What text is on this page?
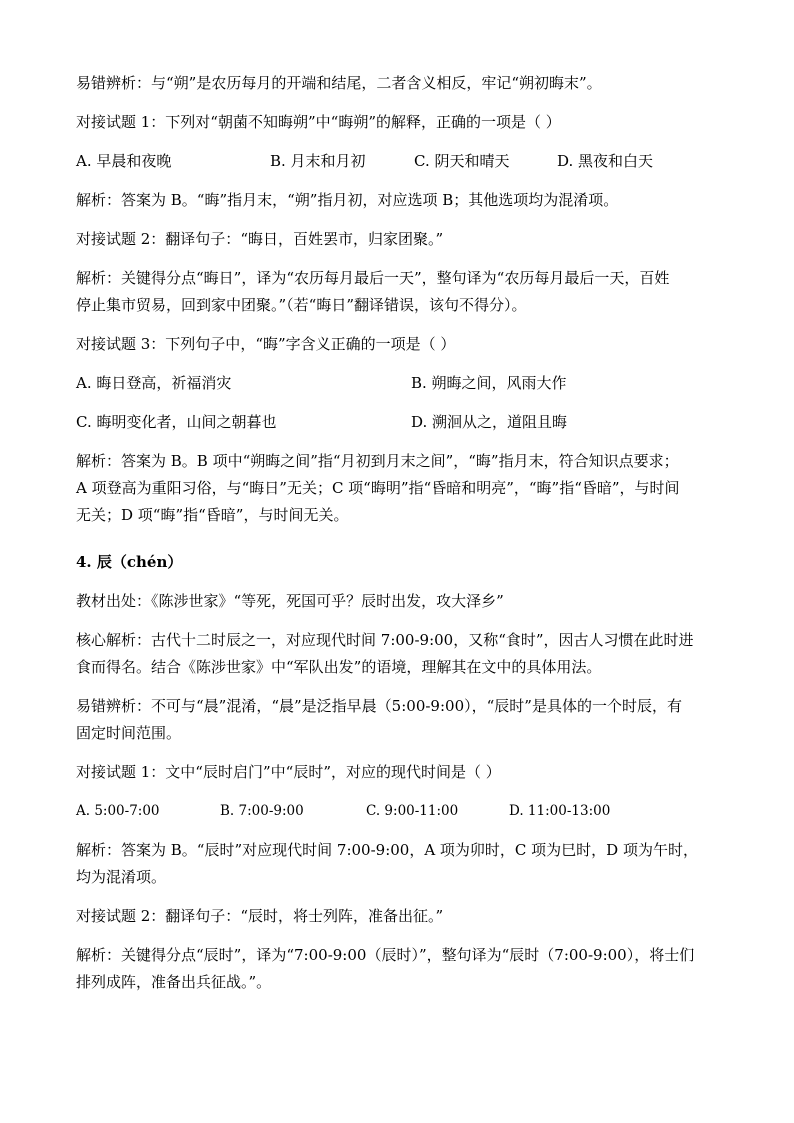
易错辨析：与“朔”是农历每月的开端和结尾，二者含义相反，牢记“朔初晦末”。

对接试题 1：下列对“朝菌不知晦朔”中“晦朔”的解释，正确的一项是（ ）

A. 早晨和夜晚	B. 月末和月初	C. 阴天和晴天	D. 黑夜和白天

解析：答案为 B。“晦”指月末，“朔”指月初，对应选项 B；其他选项均为混淆项。

对接试题 2：翻译句子：“晦日，百姓罢市，归家团聚。”

解析：关键得分点“晦日”，译为“农历每月最后一天”，整句译为“农历每月最后一天，百姓

停止集市贸易，回到家中团聚。”（若“晦日”翻译错误，该句不得分）。

对接试题 3：下列句子中，“晦”字含义正确的一项是（ ）

A. 晦日登高，祈福消灾	B. 朔晦之间，风雨大作
C. 晦明变化者，山间之朝暮也	D. 溯洄从之，道阻且晦

解析：答案为 B。B 项中“朔晦之间”指“月初到月末之间”，“晦”指月末，符合知识点要求；

A 项登高为重阳习俗，与“晦日”无关；C 项“晦明”指“昏暗和明亮”，“晦”指“昏暗”，与时间

无关；D 项“晦”指“昏暗”，与时间无关。

4. 辰（chén）

教材出处：《陈涉世家》“等死，死国可乎？辰时出发，攻大泽乡”

核心解析：古代十二时辰之一，对应现代时间 7:00-9:00，又称“食时”，因古人习惯在此时进

食而得名。结合《陈涉世家》中“军队出发”的语境，理解其在文中的具体用法。

易错辨析：不可与“晨”混淆，“晨”是泛指早晨（5:00-9:00），“辰时”是具体的一个时辰，有

固定时间范围。

对接试题 1：文中“辰时启门”中“辰时”，对应的现代时间是（ ）

A. 5:00-7:00	B. 7:00-9:00	C. 9:00-11:00	D. 11:00-13:00

解析：答案为 B。“辰时”对应现代时间 7:00-9:00，A 项为卯时，C 项为巳时，D 项为午时，

均为混淆项。

对接试题 2：翻译句子：“辰时，将士列阵，准备出征。”

解析：关键得分点“辰时”，译为“7:00-9:00（辰时）”，整句译为“辰时（7:00-9:00），将士们

排列成阵，准备出兵征战。”。
